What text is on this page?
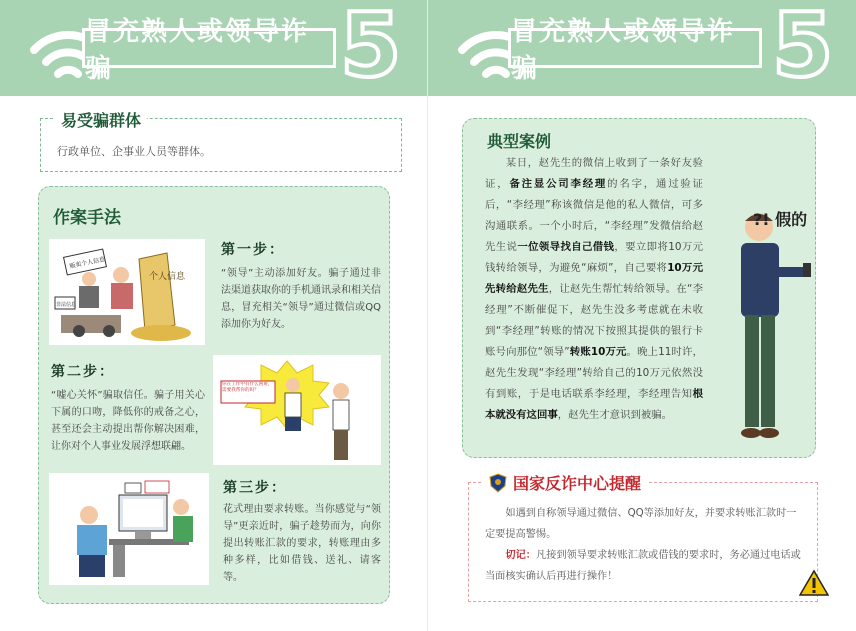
冒充熟人或领导诈骗	5
易受骗群体
行政单位、企事业人员等群体。
作案手法
个人信息
贩卖个人信息
非法信息
第一步：
“领导”主动添加好友。骗子通过非法渠道获取你的手机通讯录和相关信息，冒充相关“领导”通过微信或QQ添加你为好友。
第二步：
“嘘心关怀”骗取信任。骗子用关心下属的口吻，降低你的戒备之心，甚至还会主动提出帮你解决困难，让你对个人事业发展浮想联翩。
你在工作中有什么困难，需要我帮你的吗？
第三步：
花式理由要求转账。当你感觉与“领导”更亲近时，骗子趁势而为，向你提出转账汇款的要求，转账理由多种多样，比如借钱、送礼、请客等。
冒充熟人或领导诈骗	5
典型案例
某日，赵先生的微信上收到了一条好友验证，备注显公司李经理的名字，通过验证后，“李经理”称该微信是他的私人微信，可多沟通联系。一个小时后，“李经理”发微信给赵先生说一位领导找自己借钱，要立即将10万元钱转给领导，为避免“麻烦”，自己要将10万元先转给赵先生，让赵先生帮忙转给领导。在“李经理”不断催促下，赵先生没多考虑就在未收到“李经理”转账的情况下按照其提供的银行卡账号向那位“领导”转账10万元。晚上11时许，赵先生发现“李经理”转给自己的10万元依然没有到账，于是电话联系李经理，李经理告知根本就没有这回事，赵先生才意识到被骗。
?! 假的
国家反诈中心提醒
如遇到自称领导通过微信、QQ等添加好友，并要求转账汇款时一定要提高警惕。
切记：凡接到领导要求转账汇款或借钱的要求时，务必通过电话或当面核实确认后再进行操作！
